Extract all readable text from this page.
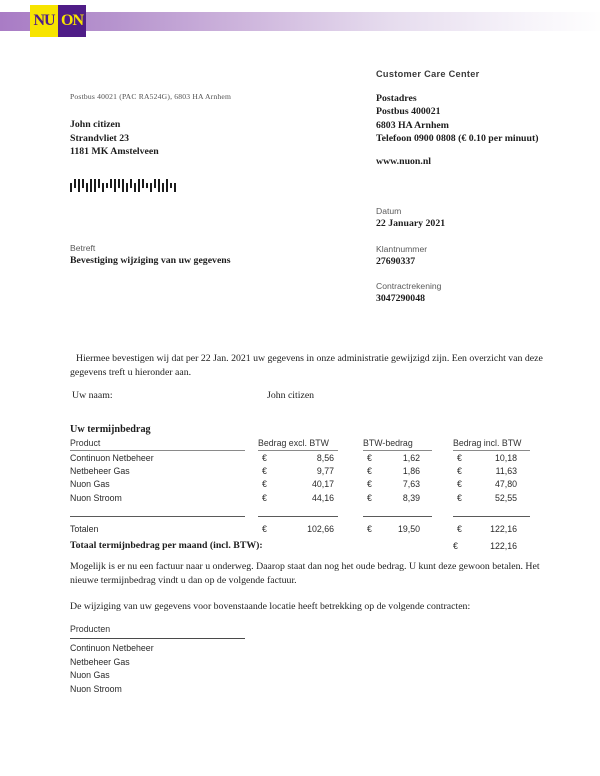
NU ON
Postbus 40021 (PAC RA524G), 6803 HA Arnhem
John citizen
Strandvliet 23
1181 MK Amstelveen
Betreft
Bevestiging wijziging van uw gegevens
Customer Care Center
Postadres
Postbus 400021
6803 HA Arnhem
Telefoon 0900 0808 (€ 0.10 per minuut)
www.nuon.nl
Datum
22 January 2021
Klantnummer
27690337
Contractrekening
3047290048
Hiermee bevestigen wij dat per 22 Jan. 2021 uw gegevens in onze administratie gewijzigd zijn. Een overzicht van deze gegevens treft u hieronder aan.
Uw naam:	John citizen
Uw termijnbedrag
Product	Bedrag excl. BTW	BTW-bedrag	Bedrag incl. BTW
Continuon Netbeheer	€	8,56	€	1,62	€	10,18
Netbeheer Gas	€	9,77	€	1,86	€	11,63
Nuon Gas	€	40,17	€	7,63	€	47,80
Nuon Stroom	€	44,16	€	8,39	€	52,55
Totalen	€	102,66	€	19,50	€	122,16
Totaal termijnbedrag per maand (incl. BTW):	€	122,16
Mogelijk is er nu een factuur naar u onderweg. Daarop staat dan nog het oude bedrag. U kunt deze gewoon betalen. Het nieuwe termijnbedrag vindt u dan op de volgende factuur.
De wijziging van uw gegevens voor bovenstaande locatie heeft betrekking op de volgende contracten:
Producten
Continuon Netbeheer
Netbeheer Gas
Nuon Gas
Nuon Stroom
